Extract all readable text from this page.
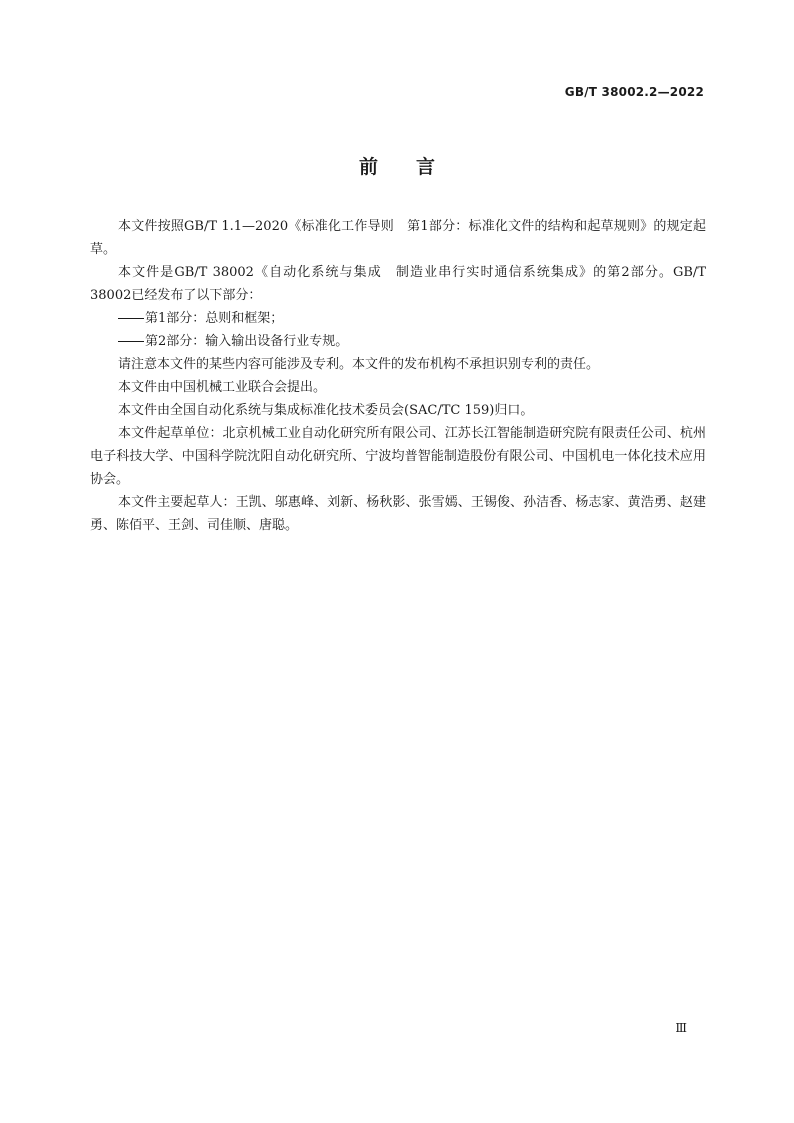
GB/T 38002.2—2022
前言

本文件按照GB/T 1.1—2020《标准化工作导则　第1部分：标准化文件的结构和起草规则》的规定起草。

本文件是GB/T 38002《自动化系统与集成　制造业串行实时通信系统集成》的第2部分。GB/T 38002已经发布了以下部分：

第1部分：总则和框架；

第2部分：输入输出设备行业专规。

请注意本文件的某些内容可能涉及专利。本文件的发布机构不承担识别专利的责任。

本文件由中国机械工业联合会提出。

本文件由全国自动化系统与集成标准化技术委员会(SAC/TC 159)归口。

本文件起草单位：北京机械工业自动化研究所有限公司、江苏长江智能制造研究院有限责任公司、杭州电子科技大学、中国科学院沈阳自动化研究所、宁波均普智能制造股份有限公司、中国机电一体化技术应用协会。

本文件主要起草人：王凯、邬惠峰、刘新、杨秋影、张雪嫣、王锡俊、孙洁香、杨志家、黄浩勇、赵建勇、陈佰平、王剑、司佳顺、唐聪。

Ⅲ
